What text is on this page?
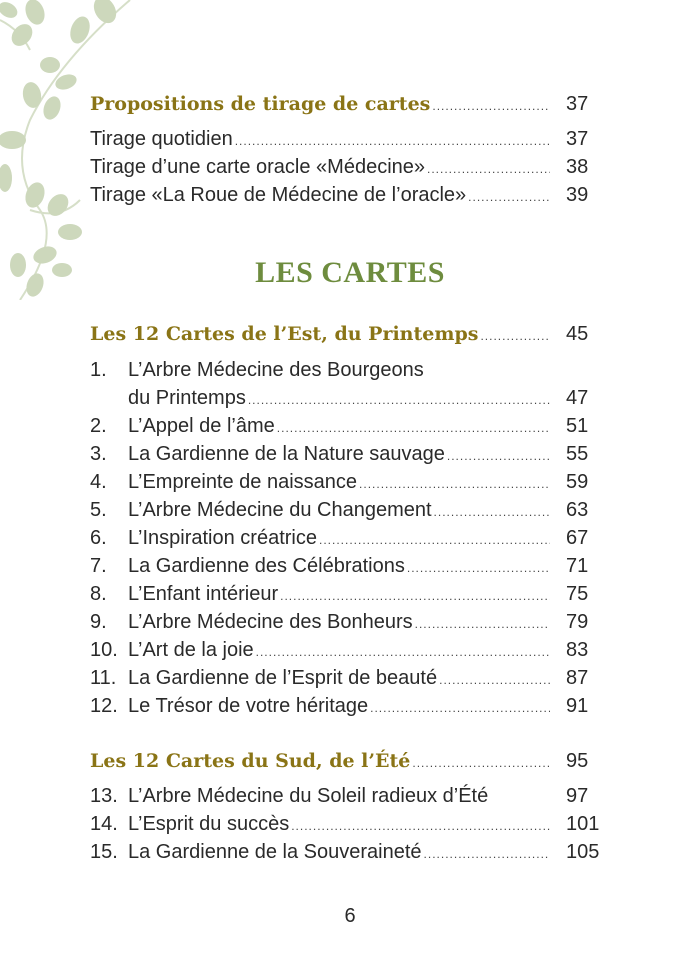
Propositions de tirage de cartes .....	37
Tirage quotidien .....	37
Tirage d’une carte oracle «Médecine» .....	38
Tirage «La Roue de Médecine de l’oracle» .....	39
LES CARTES
Les 12 Cartes de l’Est, du Printemps .....	45
1.	L’Arbre Médecine des Bourgeons
du Printemps .....	47
2.	L’Appel de l’âme .....	51
3.	La Gardienne de la Nature sauvage .....	55
4.	L’Empreinte de naissance .....	59
5.	L’Arbre Médecine du Changement .....	63
6.	L’Inspiration créatrice .....	67
7.	La Gardienne des Célébrations .....	71
8.	L’Enfant intérieur .....	75
9.	L’Arbre Médecine des Bonheurs .....	79
10. L’Art de la joie .....	83
11. La Gardienne de l’Esprit de beauté .....	87
12. Le Trésor de votre héritage .....	91
Les 12 Cartes du Sud, de l’Été .....	95
13. L’Arbre Médecine du Soleil radieux d’Été	97
14. L’Esprit du succès .....	101
15. La Gardienne de la Souveraineté .....	105
6
